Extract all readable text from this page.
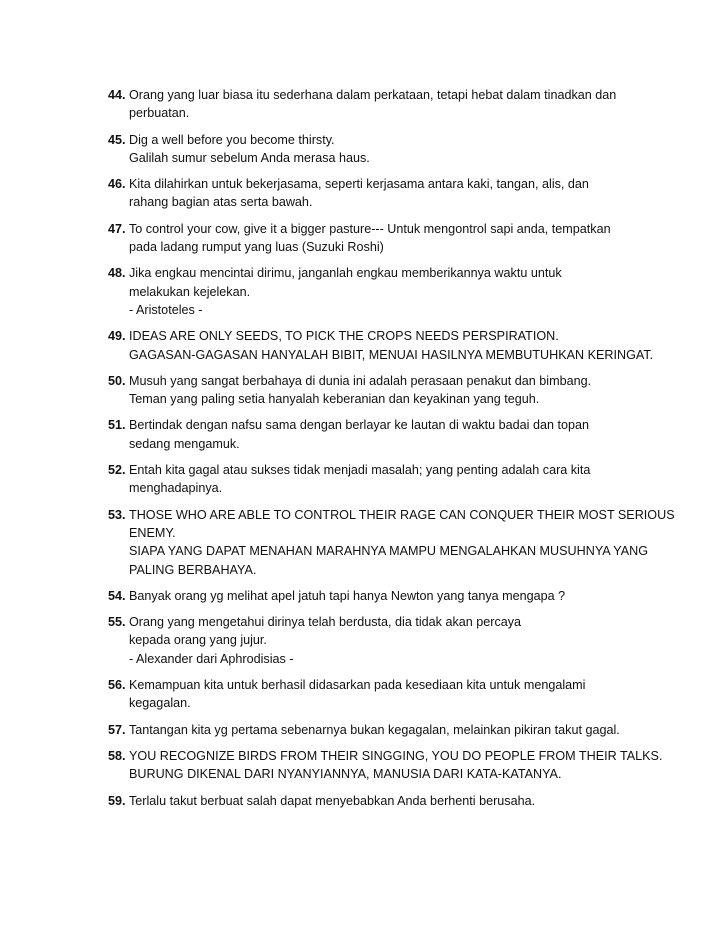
44. Orang yang luar biasa itu sederhana dalam perkataan, tetapi hebat dalam tinadkan dan
perbuatan.
45. Dig a well before you become thirsty.
Galilah sumur sebelum Anda merasa haus.
46. Kita dilahirkan untuk bekerjasama, seperti kerjasama antara kaki, tangan, alis, dan
rahang bagian atas serta bawah.
47. To control your cow, give it a bigger pasture--- Untuk mengontrol sapi anda, tempatkan
pada ladang rumput yang luas (Suzuki Roshi)
48. Jika engkau mencintai dirimu, janganlah engkau memberikannya waktu untuk
melakukan kejelekan.
- Aristoteles -
49. IDEAS ARE ONLY SEEDS, TO PICK THE CROPS NEEDS PERSPIRATION.
GAGASAN-GAGASAN HANYALAH BIBIT, MENUAI HASILNYA MEMBUTUHKAN KERINGAT.
50. Musuh yang sangat berbahaya di dunia ini adalah perasaan penakut dan bimbang.
Teman yang paling setia hanyalah keberanian dan keyakinan yang teguh.
51. Bertindak dengan nafsu sama dengan berlayar ke lautan di waktu badai dan topan
sedang mengamuk.
52. Entah kita gagal atau sukses tidak menjadi masalah; yang penting adalah cara kita
menghadapinya.
53. THOSE WHO ARE ABLE TO CONTROL THEIR RAGE CAN CONQUER THEIR MOST SERIOUS
ENEMY.
SIAPA YANG DAPAT MENAHAN MARAHNYA MAMPU MENGALAHKAN MUSUHNYA YANG
PALING BERBAHAYA.
54. Banyak orang yg melihat apel jatuh tapi hanya Newton yang tanya mengapa ?
55. Orang yang mengetahui dirinya telah berdusta, dia tidak akan percaya
kepada orang yang jujur.
- Alexander dari Aphrodisias -
56. Kemampuan kita untuk berhasil didasarkan pada kesediaan kita untuk mengalami
kegagalan.
57. Tantangan kita yg pertama sebenarnya bukan kegagalan, melainkan pikiran takut gagal.
58. YOU RECOGNIZE BIRDS FROM THEIR SINGGING, YOU DO PEOPLE FROM THEIR TALKS.
BURUNG DIKENAL DARI NYANYIANNYA, MANUSIA DARI KATA-KATANYA.
59. Terlalu takut berbuat salah dapat menyebabkan Anda berhenti berusaha.
